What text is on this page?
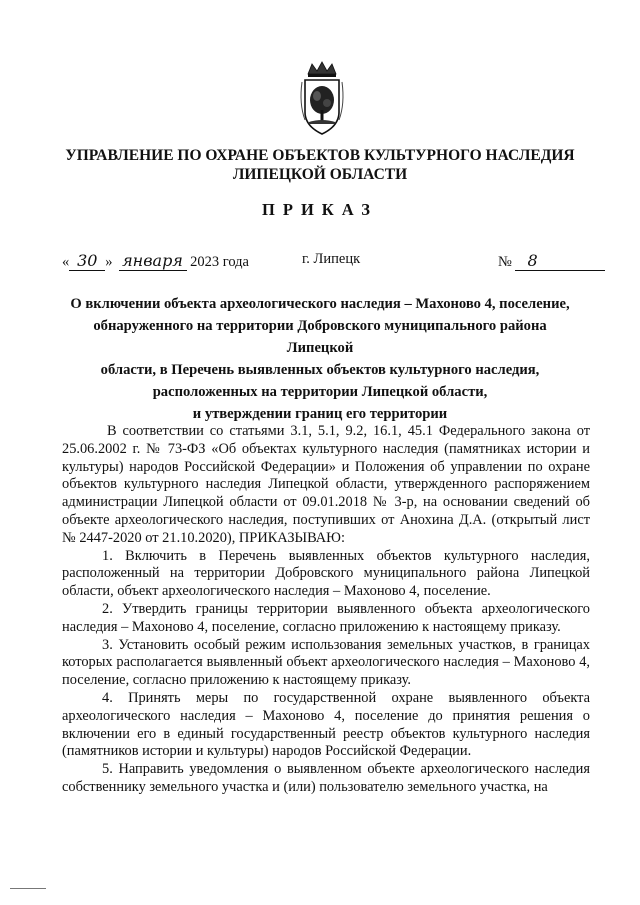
УПРАВЛЕНИЕ ПО ОХРАНЕ ОБЪЕКТОВ КУЛЬТУРНОГО НАСЛЕДИЯ
ЛИПЕЦКОЙ ОБЛАСТИ
ПРИКАЗ
« 30 » января 2023 года	г. Липецк	№ 8
О включении объекта археологического наследия – Махоново 4, поселение,
обнаруженного на территории Добровского муниципального района Липецкой
области, в Перечень выявленных объектов культурного наследия,
расположенных на территории Липецкой области,
и утверждении границ его территории

В соответствии со статьями 3.1, 5.1, 9.2, 16.1, 45.1 Федерального закона от 25.06.2002 г. № 73-ФЗ «Об объектах культурного наследия (памятниках истории и культуры) народов Российской Федерации» и Положения об управлении по охране объектов культурного наследия Липецкой области, утвержденного распоряжением администрации Липецкой области от 09.01.2018 № 3-р, на основании сведений об объекте археологического наследия, поступивших от Анохина Д.А. (открытый лист № 2447-2020 от 21.10.2020), ПРИКАЗЫВАЮ:

1. Включить в Перечень выявленных объектов культурного наследия, расположенный на территории Добровского муниципального района Липецкой области, объект археологического наследия – Махоново 4, поселение.

2. Утвердить границы территории выявленного объекта археологического наследия – Махоново 4, поселение, согласно приложению к настоящему приказу.

3. Установить особый режим использования земельных участков, в границах которых располагается выявленный объект археологического наследия – Махоново 4, поселение, согласно приложению к настоящему приказу.

4. Принять меры по государственной охране выявленного объекта археологического наследия – Махоново 4, поселение до принятия решения о включении его в единый государственный реестр объектов культурного наследия (памятников истории и культуры) народов Российской Федерации.

5. Направить уведомления о выявленном объекте археологического наследия собственнику земельного участка и (или) пользователю земельного участка, на
